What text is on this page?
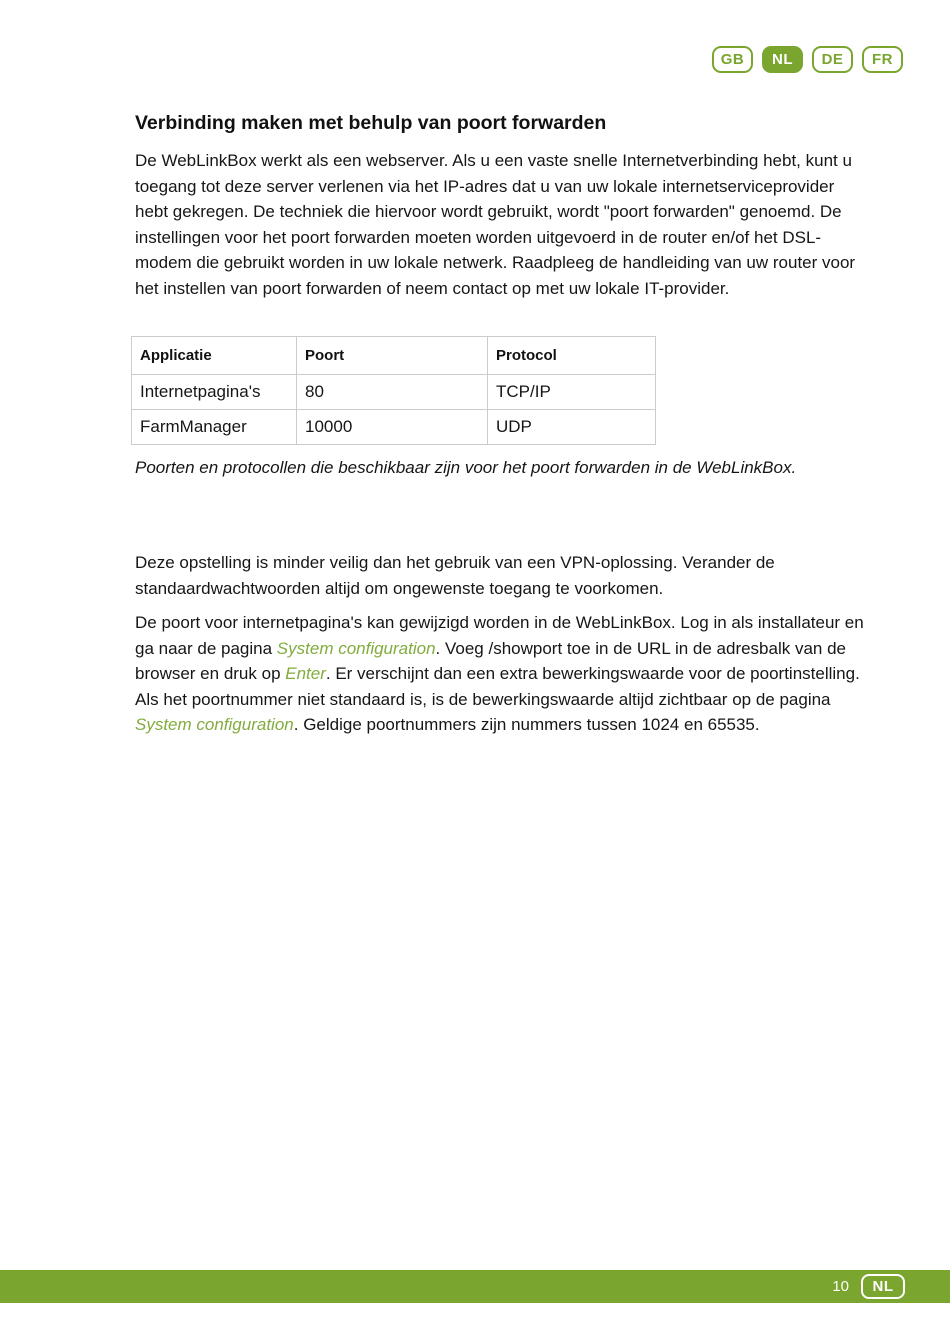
GB	NL	DE	FR
Verbinding maken met behulp van poort forwarden

De WebLinkBox werkt als een webserver. Als u een vaste snelle Internetverbinding hebt, kunt u toegang tot deze server verlenen via het IP-adres dat u van uw lokale internetserviceprovider hebt gekregen. De techniek die hiervoor wordt gebruikt, wordt "poort forwarden" genoemd. De instellingen voor het poort forwarden moeten worden uitgevoerd in de router en/of het DSL-modem die gebruikt worden in uw lokale netwerk. Raadpleeg de handleiding van uw router voor het instellen van poort forwarden of neem contact op met uw lokale IT-provider.

Applicatie	Poort	Protocol
Internetpagina's	80	TCP/IP
FarmManager	10000	UDP

Poorten en protocollen die beschikbaar zijn voor het poort forwarden in de WebLinkBox.

Deze opstelling is minder veilig dan het gebruik van een VPN-oplossing. Verander de standaardwachtwoorden altijd om ongewenste toegang te voorkomen.

De poort voor internetpagina's kan gewijzigd worden in de WebLinkBox. Log in als installateur en ga naar de pagina System configuration. Voeg /showport toe in de URL in de adresbalk van de browser en druk op Enter. Er verschijnt dan een extra bewerkingswaarde voor de poortinstelling. Als het poortnummer niet standaard is, is de bewerkingswaarde altijd zichtbaar op de pagina System configuration. Geldige poortnummers zijn nummers tussen 1024 en 65535.

10	NL
